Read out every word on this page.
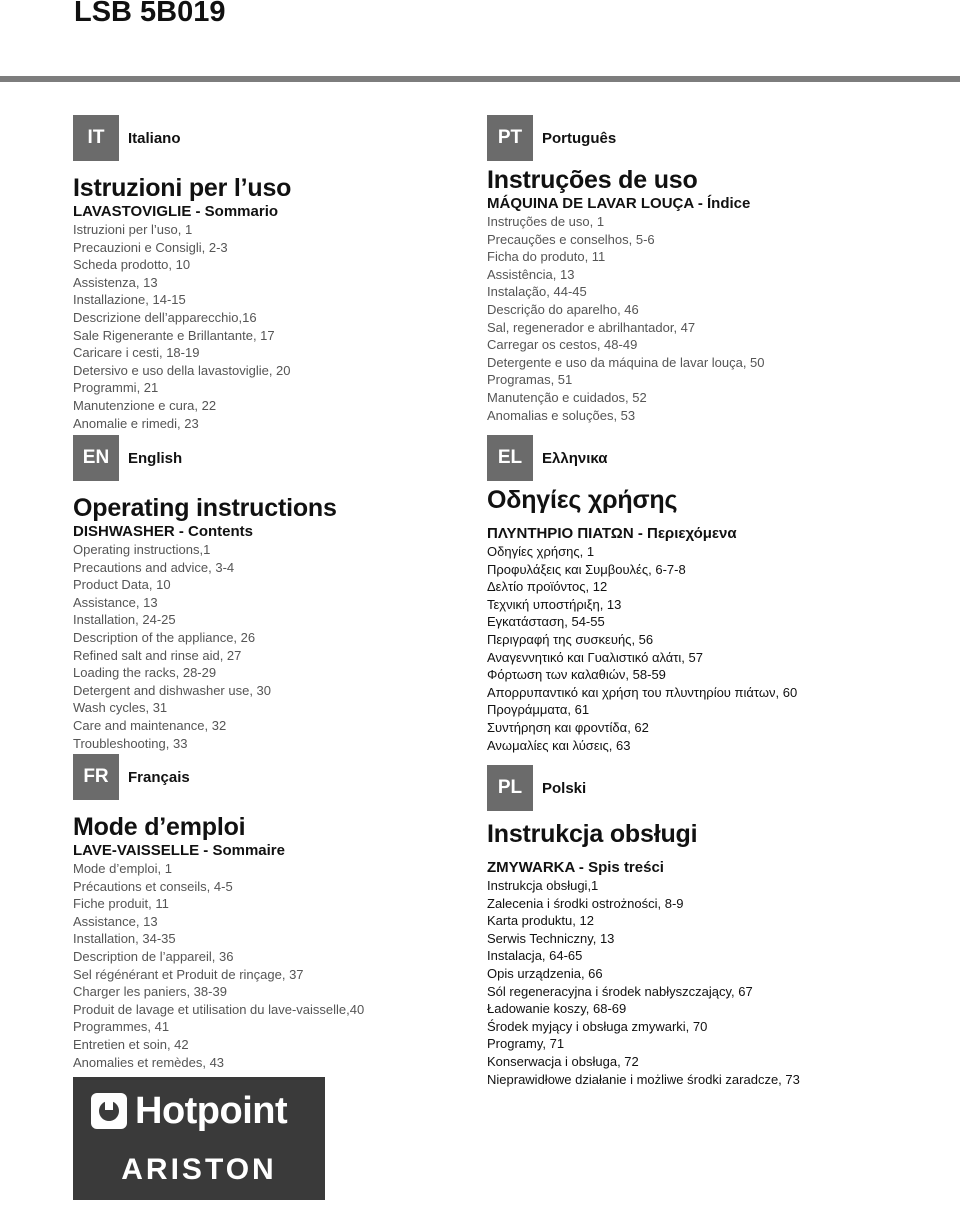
LSB 5B019
IT	Italiano
Istruzioni per l’uso
LAVASTOVIGLIE - Sommario
Istruzioni per l’uso, 1
Precauzioni e Consigli, 2-3
Scheda prodotto, 10
Assistenza, 13
Installazione, 14-15
Descrizione dell’apparecchio,16
Sale Rigenerante e Brillantante, 17
Caricare i cesti, 18-19
Detersivo e uso della lavastoviglie, 20
Programmi, 21
Manutenzione e cura, 22
Anomalie e rimedi, 23
EN	English
Operating instructions
DISHWASHER - Contents
Operating instructions,1
Precautions and advice, 3-4
Product Data, 10
Assistance, 13
Installation, 24-25
Description of the appliance, 26
Refined salt and rinse aid, 27
Loading the racks, 28-29
Detergent and dishwasher use, 30
Wash cycles, 31
Care and maintenance, 32
Troubleshooting, 33
FR	Français
Mode d’emploi
LAVE-VAISSELLE - Sommaire
Mode d’emploi, 1
Précautions et conseils, 4-5
Fiche produit, 11
Assistance, 13
Installation, 34-35
Description de l’appareil, 36
Sel régénérant et Produit de rinçage, 37
Charger les paniers, 38-39
Produit de lavage et utilisation du lave-vaisselle,40
Programmes, 41
Entretien et soin, 42
Anomalies et remèdes, 43
PT	Português
Instruções de uso
MÁQUINA DE LAVAR LOUÇA - Índice
Instruções de uso, 1
Precauções e conselhos, 5-6
Ficha do produto, 11
Assistência, 13
Instalação, 44-45
Descrição do aparelho, 46
Sal, regenerador e abrilhantador, 47
Carregar os cestos, 48-49
Detergente e uso da máquina de lavar louça, 50
Programas, 51
Manutenção e cuidados, 52
Anomalias e soluções, 53
EL	Ελληνικα
Οδηγίες χρήσης
ΠΛΥΝΤΗΡΙΟ ΠΙΑΤΩΝ - Περιεχόμενα
Οδηγίες χρήσης, 1
Προφυλάξεις και Συμβουλές, 6-7-8
Δελτίο προϊόντος, 12
Τεχνική υποστήριξη, 13
Εγκατάσταση, 54-55
Περιγραφή της συσκευής, 56
Αναγεννητικό και Γυαλιστικό αλάτι, 57
Φόρτωση των καλαθιών, 58-59
Απορρυπαντικό και χρήση του πλυντηρίου πιάτων, 60
Προγράμματα, 61
Συντήρηση και φροντίδα, 62
Ανωμαλίες και λύσεις, 63
PL	Polski
Instrukcja obsługi
ZMYWARKA - Spis treści
Instrukcja obsługi,1
Zalecenia i środki ostrożności, 8-9
Karta produktu, 12
Serwis Techniczny, 13
Instalacja, 64-65
Opis urządzenia, 66
Sól regeneracyjna i środek nabłyszczający, 67
Ładowanie koszy, 68-69
Środek myjący i obsługa zmywarki, 70
Programy, 71
Konserwacja i obsługa, 72
Nieprawidłowe działanie i możliwe środki zaradcze, 73
Hotpoint
ARISTON
